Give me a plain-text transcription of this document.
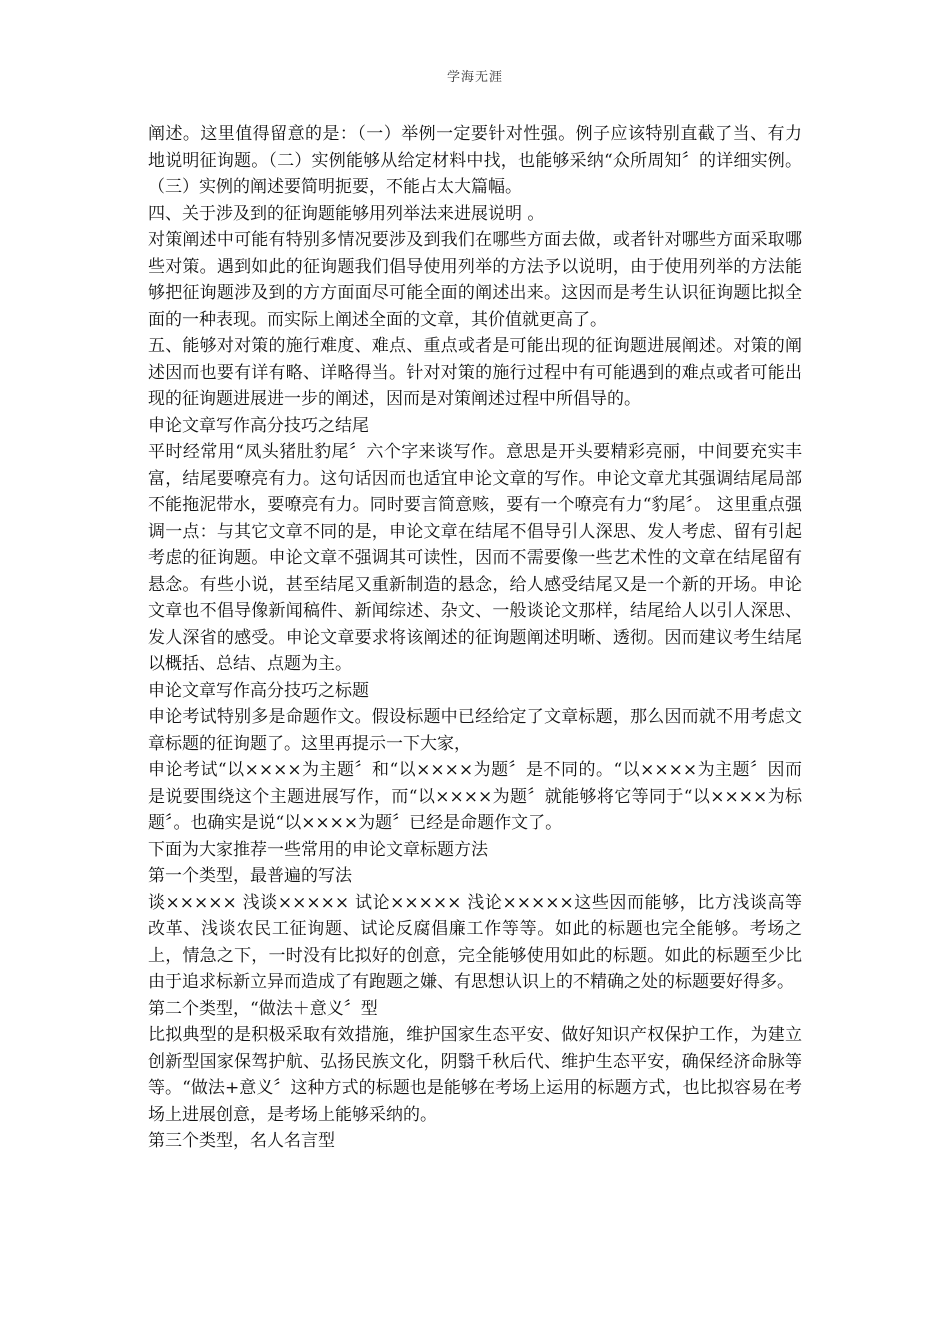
学海无涯

阐述。这里值得留意的是：（一）举例一定要针对性强。例子应该特别直截了当、有力地说明征询题。（二）实例能够从给定材料中找，也能够采纳“众所周知〞的详细实例。 （三）实例的阐述要简明扼要，不能占太大篇幅。

四、关于涉及到的征询题能够用列举法来进展说明 。

对策阐述中可能有特别多情况要涉及到我们在哪些方面去做，或者针对哪些方面采取哪些对策。遇到如此的征询题我们倡导使用列举的方法予以说明，由于使用列举的方法能够把征询题涉及到的方方面面尽可能全面的阐述出来。这因而是考生认识征询题比拟全面的一种表现。而实际上阐述全面的文章，其价值就更高了。

五、能够对对策的施行难度、难点、重点或者是可能出现的征询题进展阐述。对策的阐述因而也要有详有略、详略得当。针对对策的施行过程中有可能遇到的难点或者可能出现的征询题进展进一步的阐述，因而是对策阐述过程中所倡导的。

申论文章写作高分技巧之结尾

平时经常用“凤头猪肚豹尾〞六个字来谈写作。意思是开头要精彩亮丽，中间要充实丰富，结尾要嘹亮有力。这句话因而也适宜申论文章的写作。申论文章尤其强调结尾局部不能拖泥带水，要嘹亮有力。同时要言简意赅，要有一个嘹亮有力“豹尾〞。 这里重点强调一点：与其它文章不同的是，申论文章在结尾不倡导引人深思、发人考虑、留有引起考虑的征询题。申论文章不强调其可读性，因而不需要像一些艺术性的文章在结尾留有悬念。有些小说，甚至结尾又重新制造的悬念，给人感受结尾又是一个新的开场。申论文章也不倡导像新闻稿件、新闻综述、杂文、一般谈论文那样，结尾给人以引人深思、发人深省的感受。申论文章要求将该阐述的征询题阐述明晰、透彻。因而建议考生结尾以概括、总结、点题为主。

申论文章写作高分技巧之标题

申论考试特别多是命题作文。假设标题中已经给定了文章标题，那么因而就不用考虑文章标题的征询题了。这里再提示一下大家，

申论考试“以××××为主题〞和“以××××为题〞是不同的。“以××××为主题〞因而是说要围绕这个主题进展写作，而“以××××为题〞就能够将它等同于“以××××为标题〞。也确实是说“以××××为题〞已经是命题作文了。

下面为大家推荐一些常用的申论文章标题方法

第一个类型，最普遍的写法

谈××××× 浅谈××××× 试论××××× 浅论×××××这些因而能够，比方浅谈高等改革、浅谈农民工征询题、试论反腐倡廉工作等等。如此的标题也完全能够。考场之上，情急之下，一时没有比拟好的创意，完全能够使用如此的标题。如此的标题至少比由于追求标新立异而造成了有跑题之嫌、有思想认识上的不精确之处的标题要好得多。

第二个类型，“做法＋意义〞型

比拟典型的是积极采取有效措施，维护国家生态平安、做好知识产权保护工作，为建立创新型国家保驾护航、弘扬民族文化，阴翳千秋后代、维护生态平安，确保经济命脉等等。“做法+意义〞这种方式的标题也是能够在考场上运用的标题方式，也比拟容易在考场上进展创意，是考场上能够采纳的。

第三个类型，名人名言型
